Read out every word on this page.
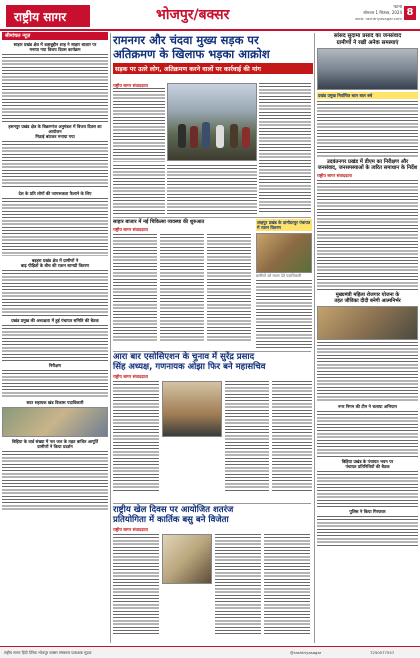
राष्ट्रीय सागर	भोजपुर/बक्सर	पटना
सोमवार 1 सितंबर, 2024
web: rashtriyasagar.com
8
सीमांचल न्यूज़
साहार प्रखंड क्षेत्र में शहाबुद्दीन शाह ने साहार बाज़ार पर
मनाया गया विजय दिवस कार्यक्रम
हसनपुर प्रखंड क्षेत्र के बिक्रमगंज अनुमंडल में विजय दिवस का आयोजन
मिठाई बांटकर मनाया गया
देश के प्रति लोगों की जागरूकता फैलाने के लिए
बड़हरा प्रखंड क्षेत्र में ग्रामीणों ने
बाढ़ पीड़ितों के बीच की राशन सामग्री वितरण
प्रखंड प्रमुख की अध्यक्षता में हुई पंचायत समिति की बैठक
निरीक्षण
सदर सहायक खंड विकास पदाधिकारी
बिहिया के वार्ड संख्या में नल जल के तहत बाधित आपूर्ति
ग्रामीणों ने किया प्रदर्शन
रामनगर और चंदवा मुख्य सड़क पर
अतिक्रमण के खिलाफ भड़का आक्रोश
सड़क पर उतरे लोग, अतिक्रमण करने वालों पर कार्रवाई की मांग
राष्ट्रीय सागर संवाददाता
साहार बाजार में नई चिकित्सा व्यवस्था की शुरुआत
राष्ट्रीय सागर संवाददाता
शाहपुर प्रखंड के दामोदरपुर पंचायत में राशन वितरण
ग्रामीणों को राशन देते पदाधिकारी
आरा बार एसोसिएशन के चुनाव में सुरेंद्र प्रसाद
सिंह अध्यक्ष, गणनायक ओझा फिर बने महासचिव
राष्ट्रीय सागर संवाददाता
राष्ट्रीय खेल दिवस पर आयोजित शतरंज
प्रतियोगिता में कार्तिक बसु बने विजेता
राष्ट्रीय सागर संवाददाता
सांसद सुदामा प्रसाद का जनसंवाद
ग्रामीणों ने रखी अनेक समस्याएं
प्रखंड प्रमुख निर्वाचित बाल बाल बचे
उदवंतनगर प्रखंड में डीएम का निरीक्षण और
जनसंवाद, जनसमस्याओं के त्वरित समाधान के निर्देश
राष्ट्रीय सागर संवाददाता
मुख्यमंत्री महिला रोजगार योजना के
तहत जीविका दीदी बनेगी आत्मनिर्भर
नगर निगम की टीम ने चलाया अभियान
बिहिया प्रखंड के पंचायत भवन पर
पंचायत प्रतिनिधियों की बैठक
पुलिस ने किया गिरफ्तार
राष्ट्रीय सागर हिंदी दैनिक भोजपुर बक्सर संस्करण प्रकाशक मुद्रक	@rashtriyasagar	7250577557
